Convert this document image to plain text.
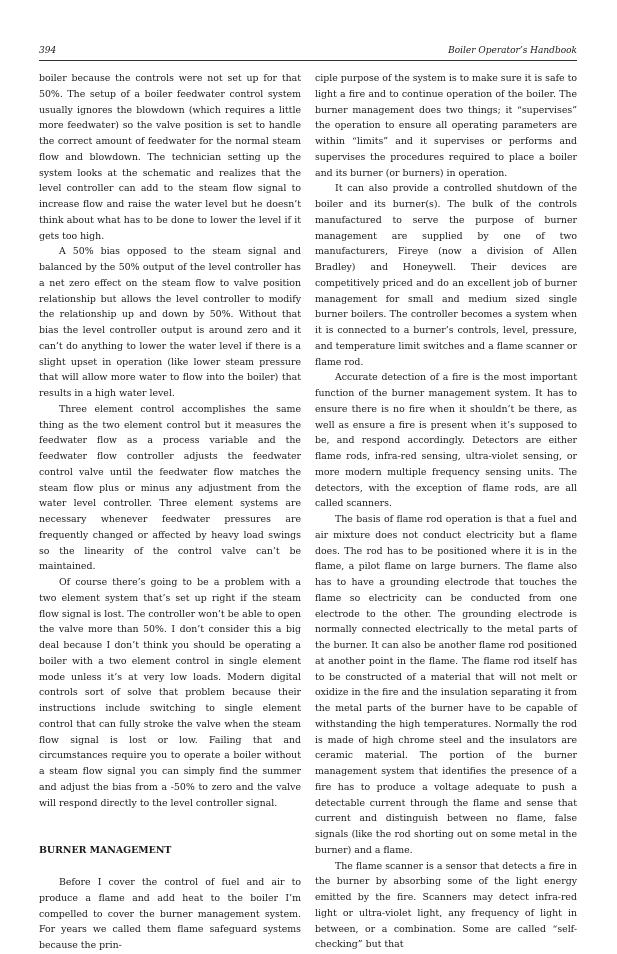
394	Boiler Operator’s Handbook

boiler because the controls were not set up for that 50%. The setup of a boiler feedwater control system usually ignores the blowdown (which requires a little more feedwater) so the valve position is set to handle the correct amount of feedwater for the normal steam flow and blowdown. The technician setting up the system looks at the schematic and realizes that the level controller can add to the steam flow signal to increase flow and raise the water level but he doesn’t think about what has to be done to lower the level if it gets too high.

A 50% bias opposed to the steam signal and balanced by the 50% output of the level controller has a net zero effect on the steam flow to valve position relationship but allows the level controller to modify the relationship up and down by 50%. Without that bias the level controller output is around zero and it can’t do anything to lower the water level if there is a slight upset in operation (like lower steam pressure that will allow more water to flow into the boiler) that results in a high water level.

Three element control accomplishes the same thing as the two element control but it measures the feedwater flow as a process variable and the feedwater flow controller adjusts the feedwater control valve until the feedwater flow matches the steam flow plus or minus any adjustment from the water level controller. Three element systems are necessary whenever feedwater pressures are frequently changed or affected by heavy load swings so the linearity of the control valve can’t be maintained.

Of course there’s going to be a problem with a two element system that’s set up right if the steam flow signal is lost. The controller won’t be able to open the valve more than 50%. I don’t consider this a big deal because I don’t think you should be operating a boiler with a two element control in single element mode unless it’s at very low loads. Modern digital controls sort of solve that problem because their instructions include switching to single element control that can fully stroke the valve when the steam flow signal is lost or low. Failing that and circumstances require you to operate a boiler without a steam flow signal you can simply find the summer and adjust the bias from a -50% to zero and the valve will respond directly to the level controller signal.

BURNER MANAGEMENT

Before I cover the control of fuel and air to produce a flame and add heat to the boiler I’m compelled to cover the burner management system. For years we called them flame safeguard systems because the prin-

ciple purpose of the system is to make sure it is safe to light a fire and to continue operation of the boiler. The burner management does two things; it “supervises” the operation to ensure all operating parameters are within “limits” and it supervises or performs and supervises the procedures required to place a boiler and its burner (or burners) in operation.

It can also provide a controlled shutdown of the boiler and its burner(s). The bulk of the controls manufactured to serve the purpose of burner management are supplied by one of two manufacturers, Fireye (now a division of Allen Bradley) and Honeywell. Their devices are competitively priced and do an excellent job of burner management for small and medium sized single burner boilers. The controller becomes a system when it is connected to a burner’s controls, level, pressure, and temperature limit switches and a flame scanner or flame rod.

Accurate detection of a fire is the most important function of the burner management system. It has to ensure there is no fire when it shouldn’t be there, as well as ensure a fire is present when it’s supposed to be, and respond accordingly. Detectors are either flame rods, infra-red sensing, ultra-violet sensing, or more modern multiple frequency sensing units. The detectors, with the exception of flame rods, are all called scanners.

The basis of flame rod operation is that a fuel and air mixture does not conduct electricity but a flame does. The rod has to be positioned where it is in the flame, a pilot flame on large burners. The flame also has to have a grounding electrode that touches the flame so electricity can be conducted from one electrode to the other. The grounding electrode is normally connected electrically to the metal parts of the burner. It can also be another flame rod positioned at another point in the flame. The flame rod itself has to be constructed of a material that will not melt or oxidize in the fire and the insulation separating it from the metal parts of the burner have to be capable of withstanding the high temperatures. Normally the rod is made of high chrome steel and the insulators are ceramic material. The portion of the burner management system that identifies the presence of a fire has to produce a voltage adequate to push a detectable current through the flame and sense that current and distinguish between no flame, false signals (like the rod shorting out on some metal in the burner) and a flame.

The flame scanner is a sensor that detects a fire in the burner by absorbing some of the light energy emitted by the fire. Scanners may detect infra-red light or ultra-violet light, any frequency of light in between, or a combination. Some are called “self-checking” but that
